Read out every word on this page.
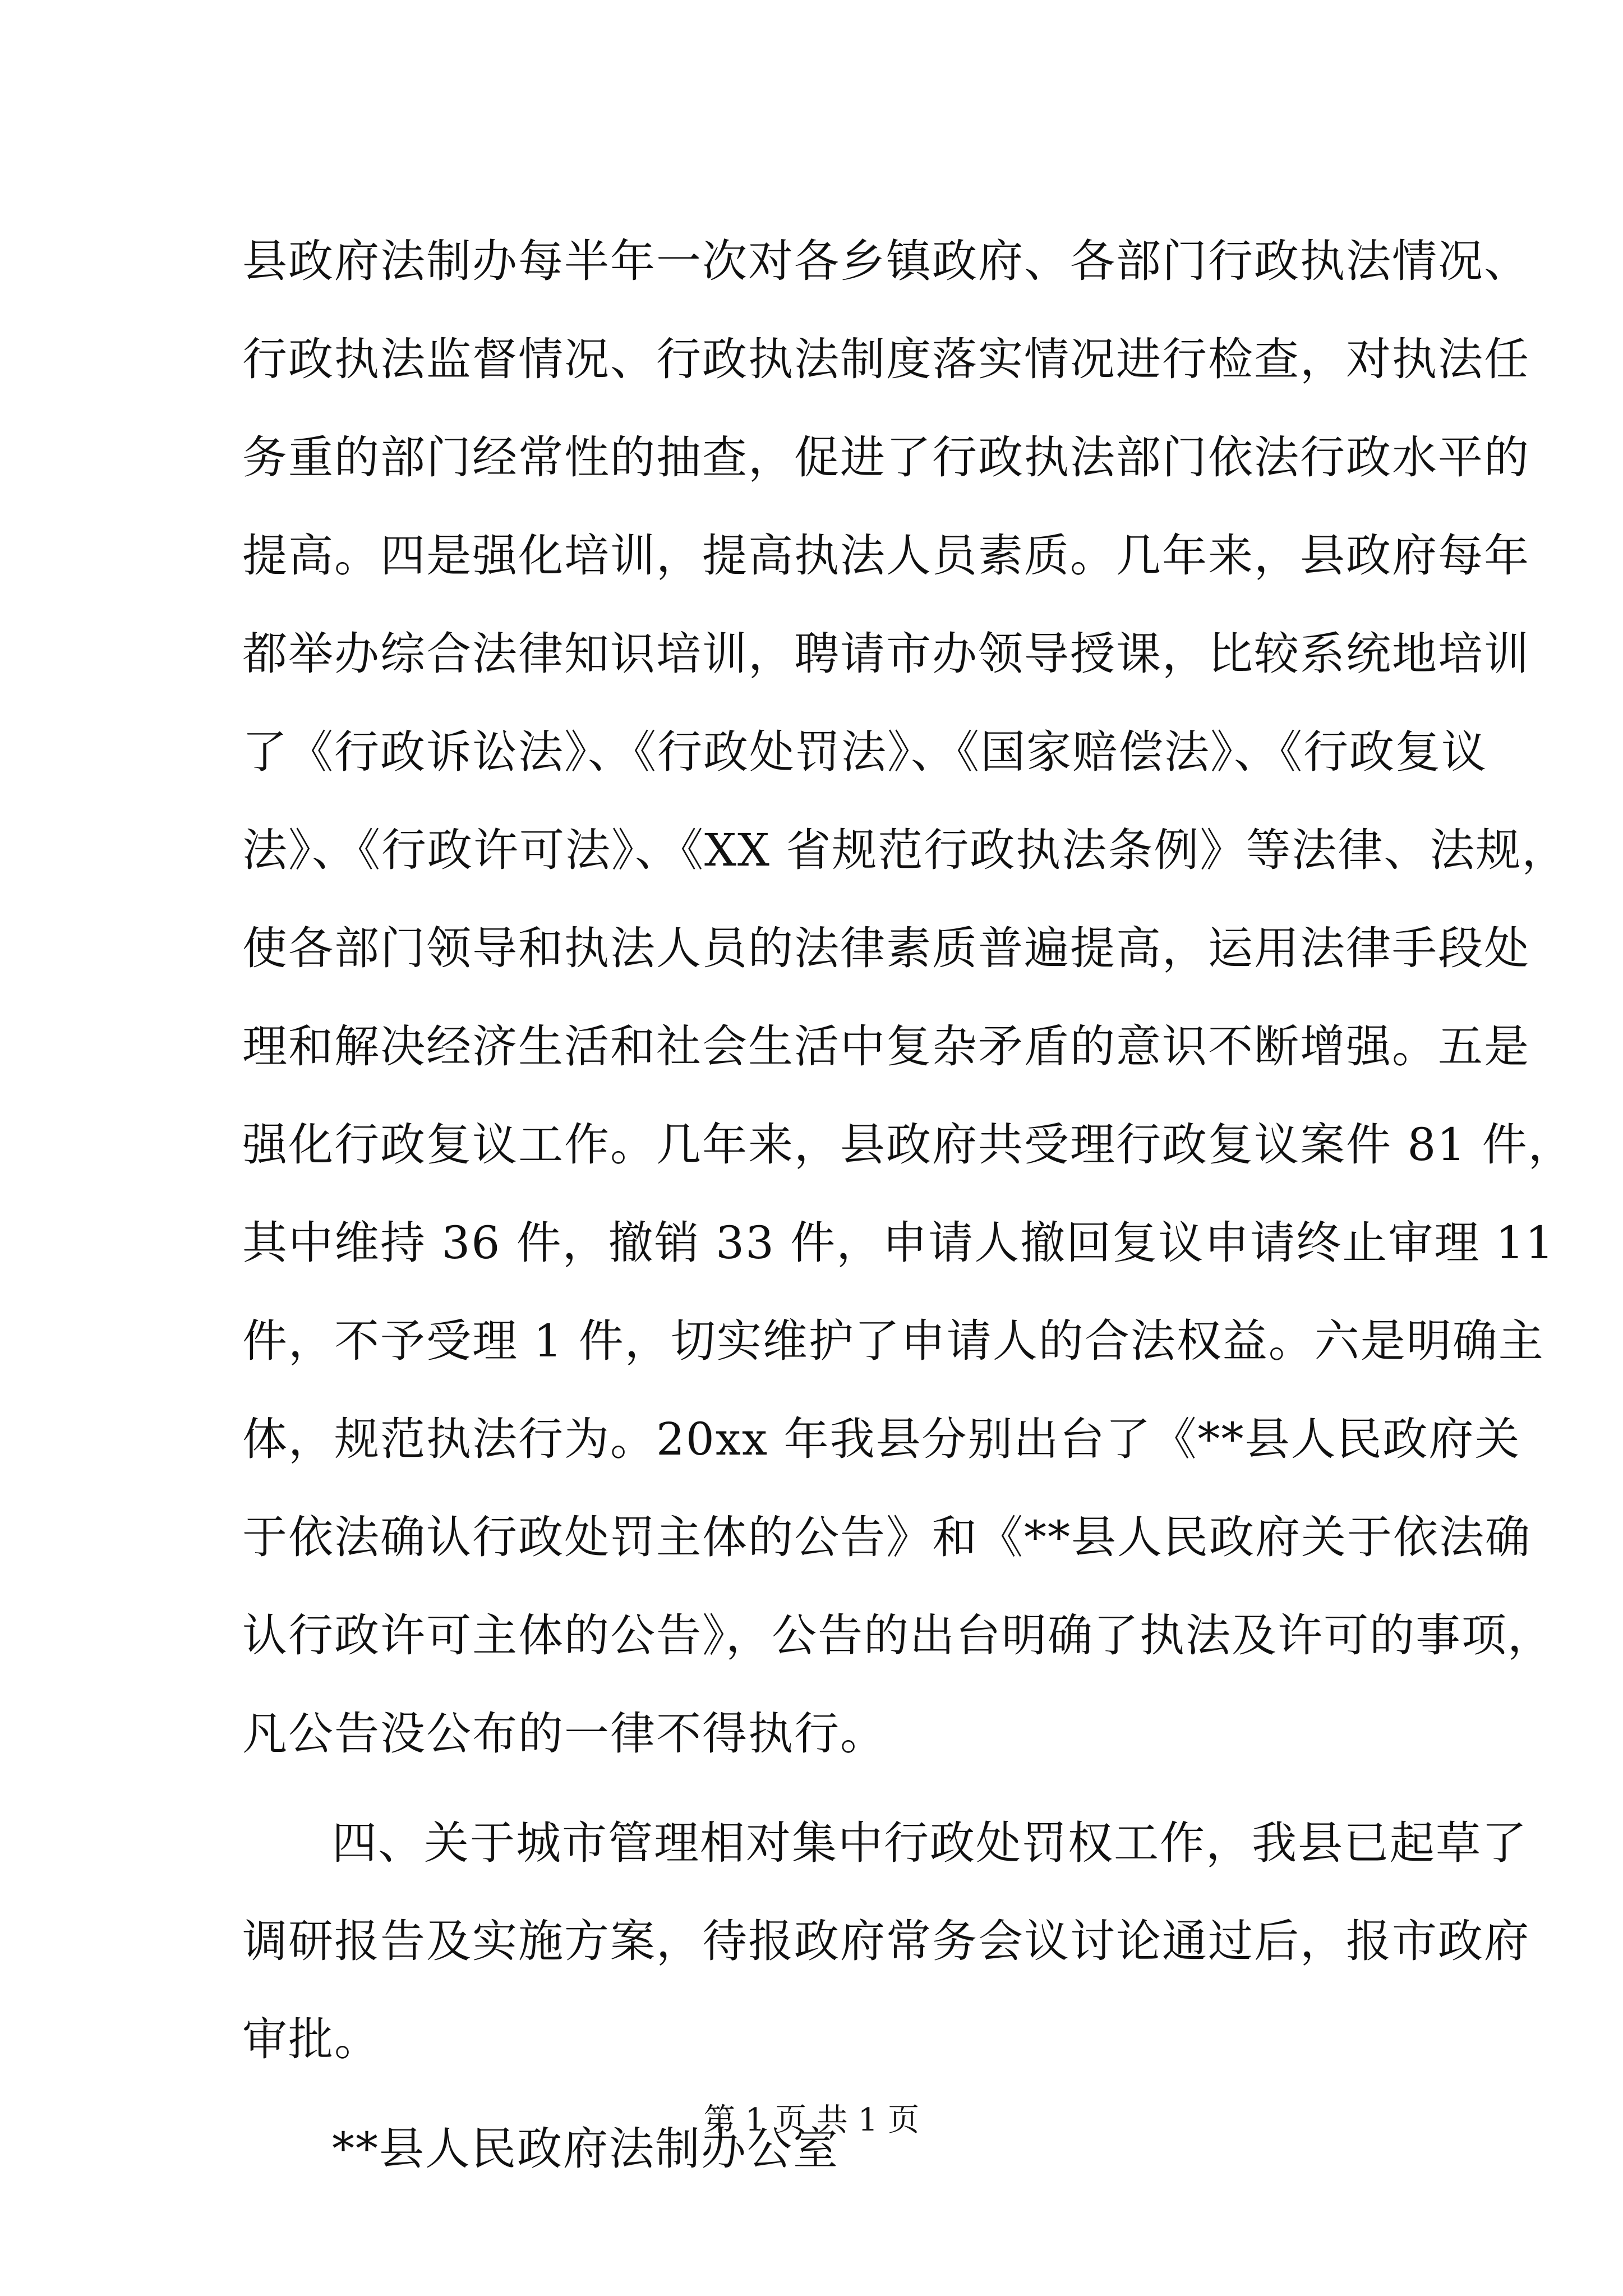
县政府法制办每半年一次对各乡镇政府、各部门行政执法情况、
行政执法监督情况、行政执法制度落实情况进行检查，对执法任
务重的部门经常性的抽查，促进了行政执法部门依法行政水平的
提高。四是强化培训，提高执法人员素质。几年来，县政府每年
都举办综合法律知识培训，聘请市办领导授课，比较系统地培训
了《行政诉讼法》、《行政处罚法》、《国家赔偿法》、《行政复议
法》、《行政许可法》、《XX 省规范行政执法条例》等法律、法规，
使各部门领导和执法人员的法律素质普遍提高，运用法律手段处
理和解决经济生活和社会生活中复杂矛盾的意识不断增强。五是
强化行政复议工作。几年来，县政府共受理行政复议案件 81 件，
其中维持 36 件，撤销 33 件，申请人撤回复议申请终止审理 11
件，不予受理 1 件，切实维护了申请人的合法权益。六是明确主
体，规范执法行为。20xx 年我县分别出台了《**县人民政府关
于依法确认行政处罚主体的公告》和《**县人民政府关于依法确
认行政许可主体的公告》，公告的出台明确了执法及许可的事项，
凡公告没公布的一律不得执行。
四、关于城市管理相对集中行政处罚权工作，我县已起草了
调研报告及实施方案，待报政府常务会议讨论通过后，报市政府
审批。
**县人民政府法制办公室
第 1 页 共 1 页
